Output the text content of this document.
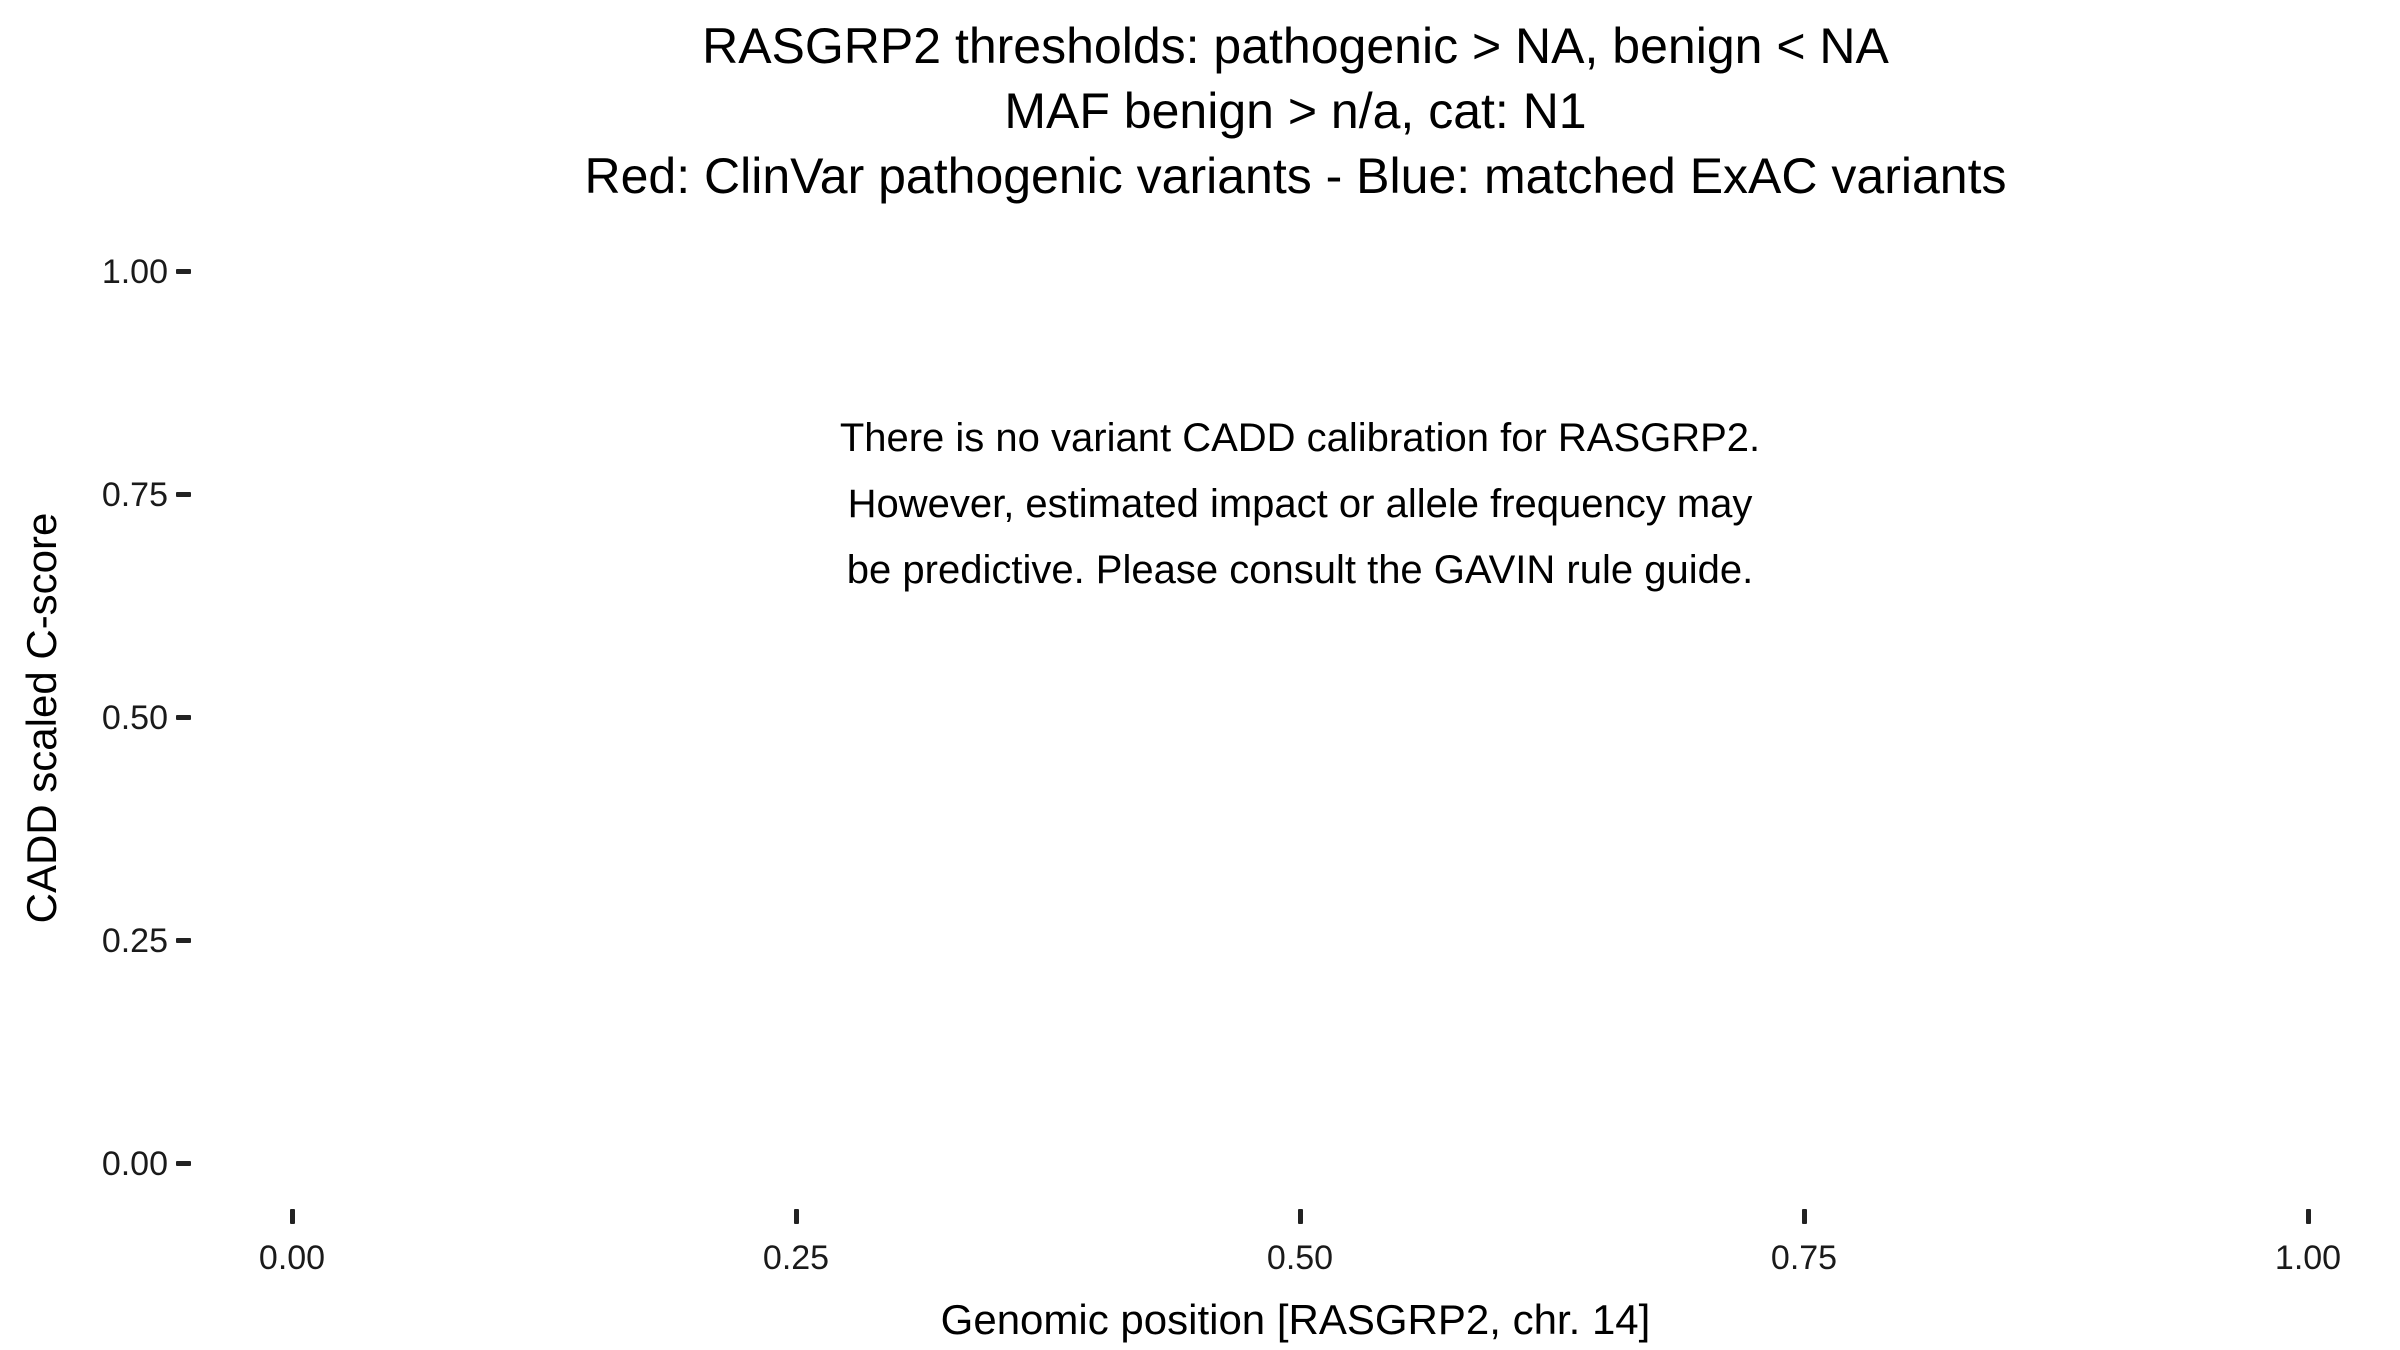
RASGRP2 thresholds: pathogenic > NA, benign < NA
MAF benign > n/a, cat: N1
Red: ClinVar pathogenic variants - Blue: matched ExAC variants
There is no variant CADD calibration for RASGRP2.
However, estimated impact or allele frequency may
be predictive. Please consult the GAVIN rule guide.
CADD scaled C-score
1.00
0.75
0.50
0.25
0.00
0.00	0.25	0.50	0.75	1.00
Genomic position [RASGRP2, chr. 14]
